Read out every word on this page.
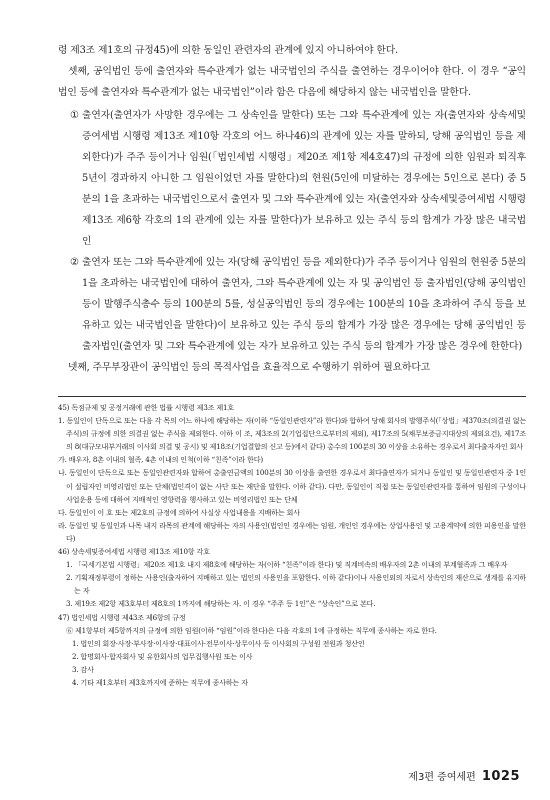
령 제3조 제1호의 규정45)에 의한 동일인 관련자의 관계에 있지 아니하여야 한다.

셋째, 공익법인 등에 출연자와 특수관계가 없는 내국법인의 주식을 출연하는 경우이어야 한다. 이 경우 “공익법인 등에 출연자와 특수관계가 없는 내국법인”이라 함은 다음에 해당하지 않는 내국법인을 말한다.

① 출연자(출연자가 사망한 경우에는 그 상속인을 말한다) 또는 그와 특수관계에 있는 자(출연자와 상속세및증여세법 시행령 제13조 제10항 각호의 어느 하나46)의 관계에 있는 자를 말하되, 당해 공익법인 등을 제외한다)가 주주 등이거나 임원(「법인세법 시행령」제20조 제1항 제4호47)의 규정에 의한 임원과 퇴직후 5년이 경과하지 아니한 그 임원이었던 자를 말한다)의 현원(5인에 미달하는 경우에는 5인으로 본다) 중 5분의 1을 초과하는 내국법인으로서 출연자 및 그와 특수관계에 있는 자(출연자와 상속세및증여세법 시행령 제13조 제6항 각호의 1의 관계에 있는 자를 말한다)가 보유하고 있는 주식 등의 합계가 가장 많은 내국법인
② 출연자 또는 그와 특수관계에 있는 자(당해 공익법인 등을 제외한다)가 주주 등이거나 임원의 현원중 5분의 1을 초과하는 내국법인에 대하여 출연자, 그와 특수관계에 있는 자 및 공익법인 등 출자법인(당해 공익법인 등이 발행주식총수 등의 100분의 5를, 성실공익법인 등의 경우에는 100분의 10을 초과하여 주식 등을 보유하고 있는 내국법인을 말한다)이 보유하고 있는 주식 등의 합계가 가장 많은 경우에는 당해 공익법인 등 출자법인(출연자 및 그와 특수관계에 있는 자가 보유하고 있는 주식 등의 합계가 가장 많은 경우에 한한다)

넷째, 주무부장관이 공익법인 등의 목적사업을 효율적으로 수행하기 위하여 필요하다고

45) 독점규제 및 공정거래에 관한 법률 시행령 제3조 제1호

1. 동일인이 단독으로 또는 다음 각 목의 어느 하나에 해당하는 자(이하 “동일인관련자”라 한다)와 합하여 당해 회사의 발행주식(「상법」제370조(의결권 없는 주식)의 규정에 의한 의결권 없는 주식을 제외한다. 이하 이 조, 제3조의 2(기업집단으로부터의 제외), 제17조의 5(채무보증금지대상의 제외요건), 제17조의 8(대규모내부거래의 이사회 의결 및 공시) 및 제18조(기업결합의 신고 등)에서 같다) 총수의 100분의 30 이상을 소유하는 경우로서 최다출자자인 회사

가. 배우자, 8촌 이내의 혈족, 4촌 이내의 인척(이하 “친족”이라 한다)

나. 동일인이 단독으로 또는 동일인관련자와 합하여 총출연금액의 100분의 30 이상을 출연한 경우로서 최다출연자가 되거나 동일인 및 동일인관련자 중 1인이 설립자인 비영리법인 또는 단체(법인격이 없는 사단 또는 재단을 말한다. 이하 같다). 다만, 동일인이 직접 또는 동일인관련자를 통하여 임원의 구성이나 사업운용 등에 대하여 지배적인 영향력을 행사하고 있는 비영리법인 또는 단체

다. 동일인이 이 호 또는 제2호의 규정에 의하여 사실상 사업내용을 지배하는 회사

라. 동일인 및 동일인과 나목 내지 라목의 관계에 해당하는 자의 사용인(법인인 경우에는 임원, 개인인 경우에는 상업사용인 및 고용계약에 의한 피용인을 말한다)

46) 상속세및증여세법 시행령 제13조 제10항 각호

1. 「국세기본법 시행령」제20조 제1호 내지 제8호에 해당하는 자(이하 “친족”이라 한다) 및 직계비속의 배우자의 2촌 이내의 부계혈족과 그 배우자

2. 기획재정부령이 정하는 사용인(출자하여 지배하고 있는 법인의 사용인을 포함한다. 이하 같다)이나 사용인외의 자로서 상속인의 재산으로 생계를 유지하는 자

3. 제19조 제2항 제3호부터 제8호의 1까지에 해당하는 자. 이 경우 “주주 등 1인”은 “상속인”으로 본다.

47) 법인세법 시행령 제43조 제6항의 규정

⑥ 제1항부터 제5항까지의 규정에 의한 임원(이하 “임원”이라 한다)은 다음 각호의 1에 규정하는 직무에 종사하는 자로 한다.

1. 법인의 회장·사장·부사장·이사장·대표이사·전무이사·상무이사 등 이사회의 구성원 전원과 청산인

2. 합명회사·합자회사 및 유한회사의 업무집행사원 또는 이사

3. 감사

4. 기타 제1호부터 제3호까지에 준하는 직무에 종사하는 자

제3편 증여세편 1025
